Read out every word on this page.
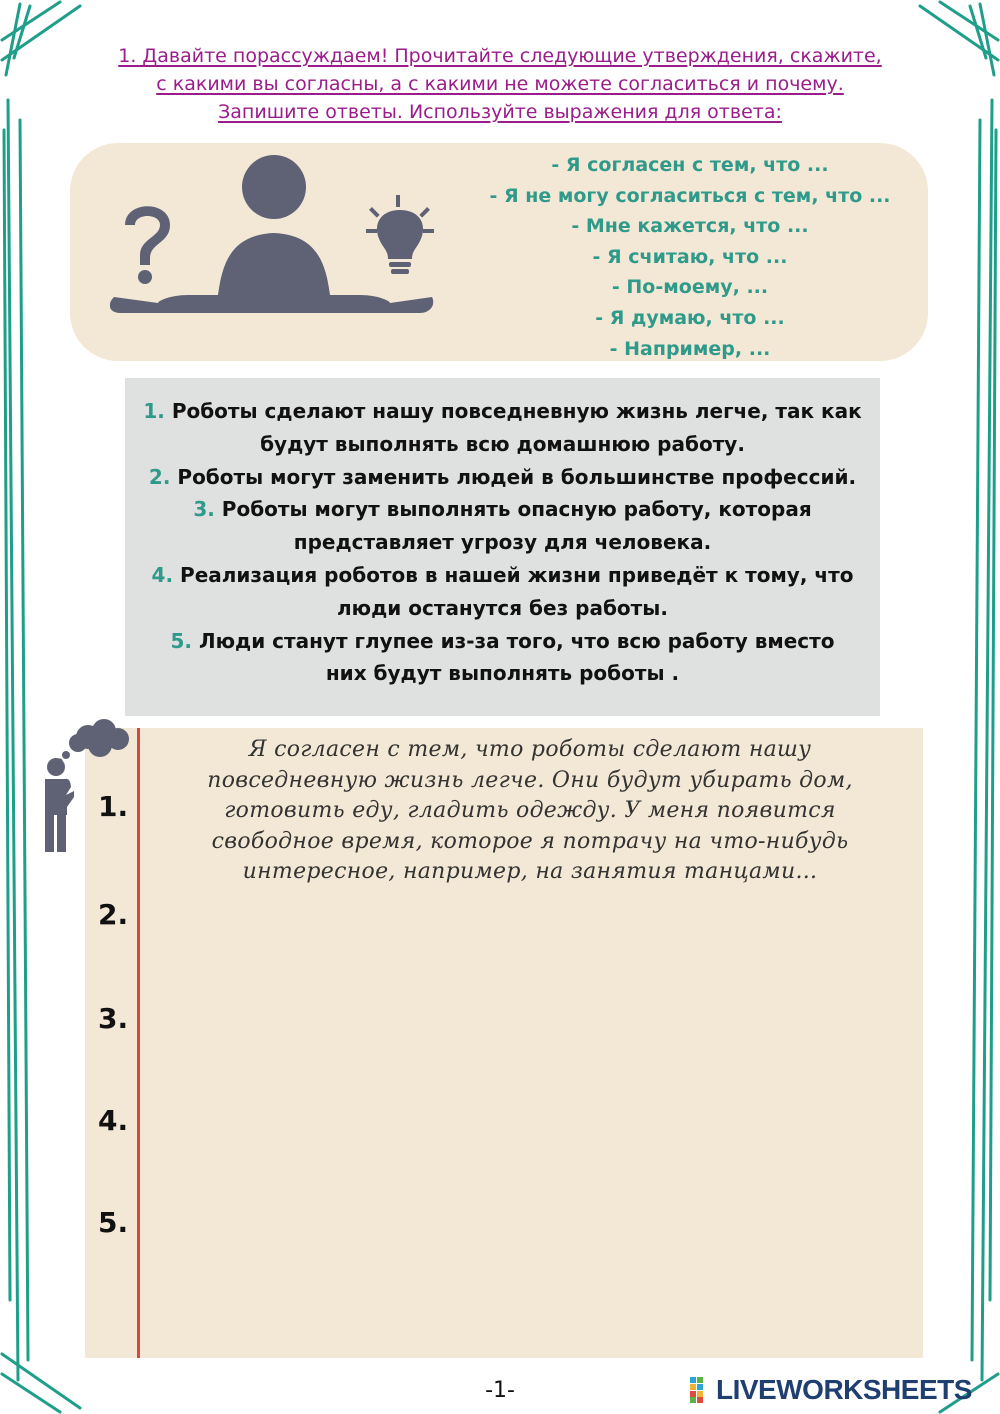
1. Давайте порассуждаем! Прочитайте следующие утверждения, скажите,
с какими вы согласны, а с какими не можете согласиться и почему.
Запишите ответы. Используйте выражения для ответа:
- Я согласен с тем, что ...
- Я не могу согласиться с тем, что ...
- Мне кажется, что ...
- Я считаю, что ...
- По-моему, ...
- Я думаю, что ...
- Например, ...
1. Роботы сделают нашу повседневную жизнь легче, так как
будут выполнять всю домашнюю работу.
2. Роботы могут заменить людей в большинстве профессий.
3. Роботы могут выполнять опасную работу, которая
представляет угрозу для человека.
4. Реализация роботов в нашей жизни приведёт к тому, что
люди останутся без работы.
5. Люди станут глупее из-за того, что всю работу вместо
них будут выполнять роботы .
1.
2.
3.
4.
5.
Я согласен с тем, что роботы сделают нашу
повседневную жизнь легче. Они будут убирать дом,
готовить еду, гладить одежду. У меня появится
свободное время, которое я потрачу на что-нибудь
интересное, например, на занятия танцами...
-1-	LIVEWORKSHEETS
